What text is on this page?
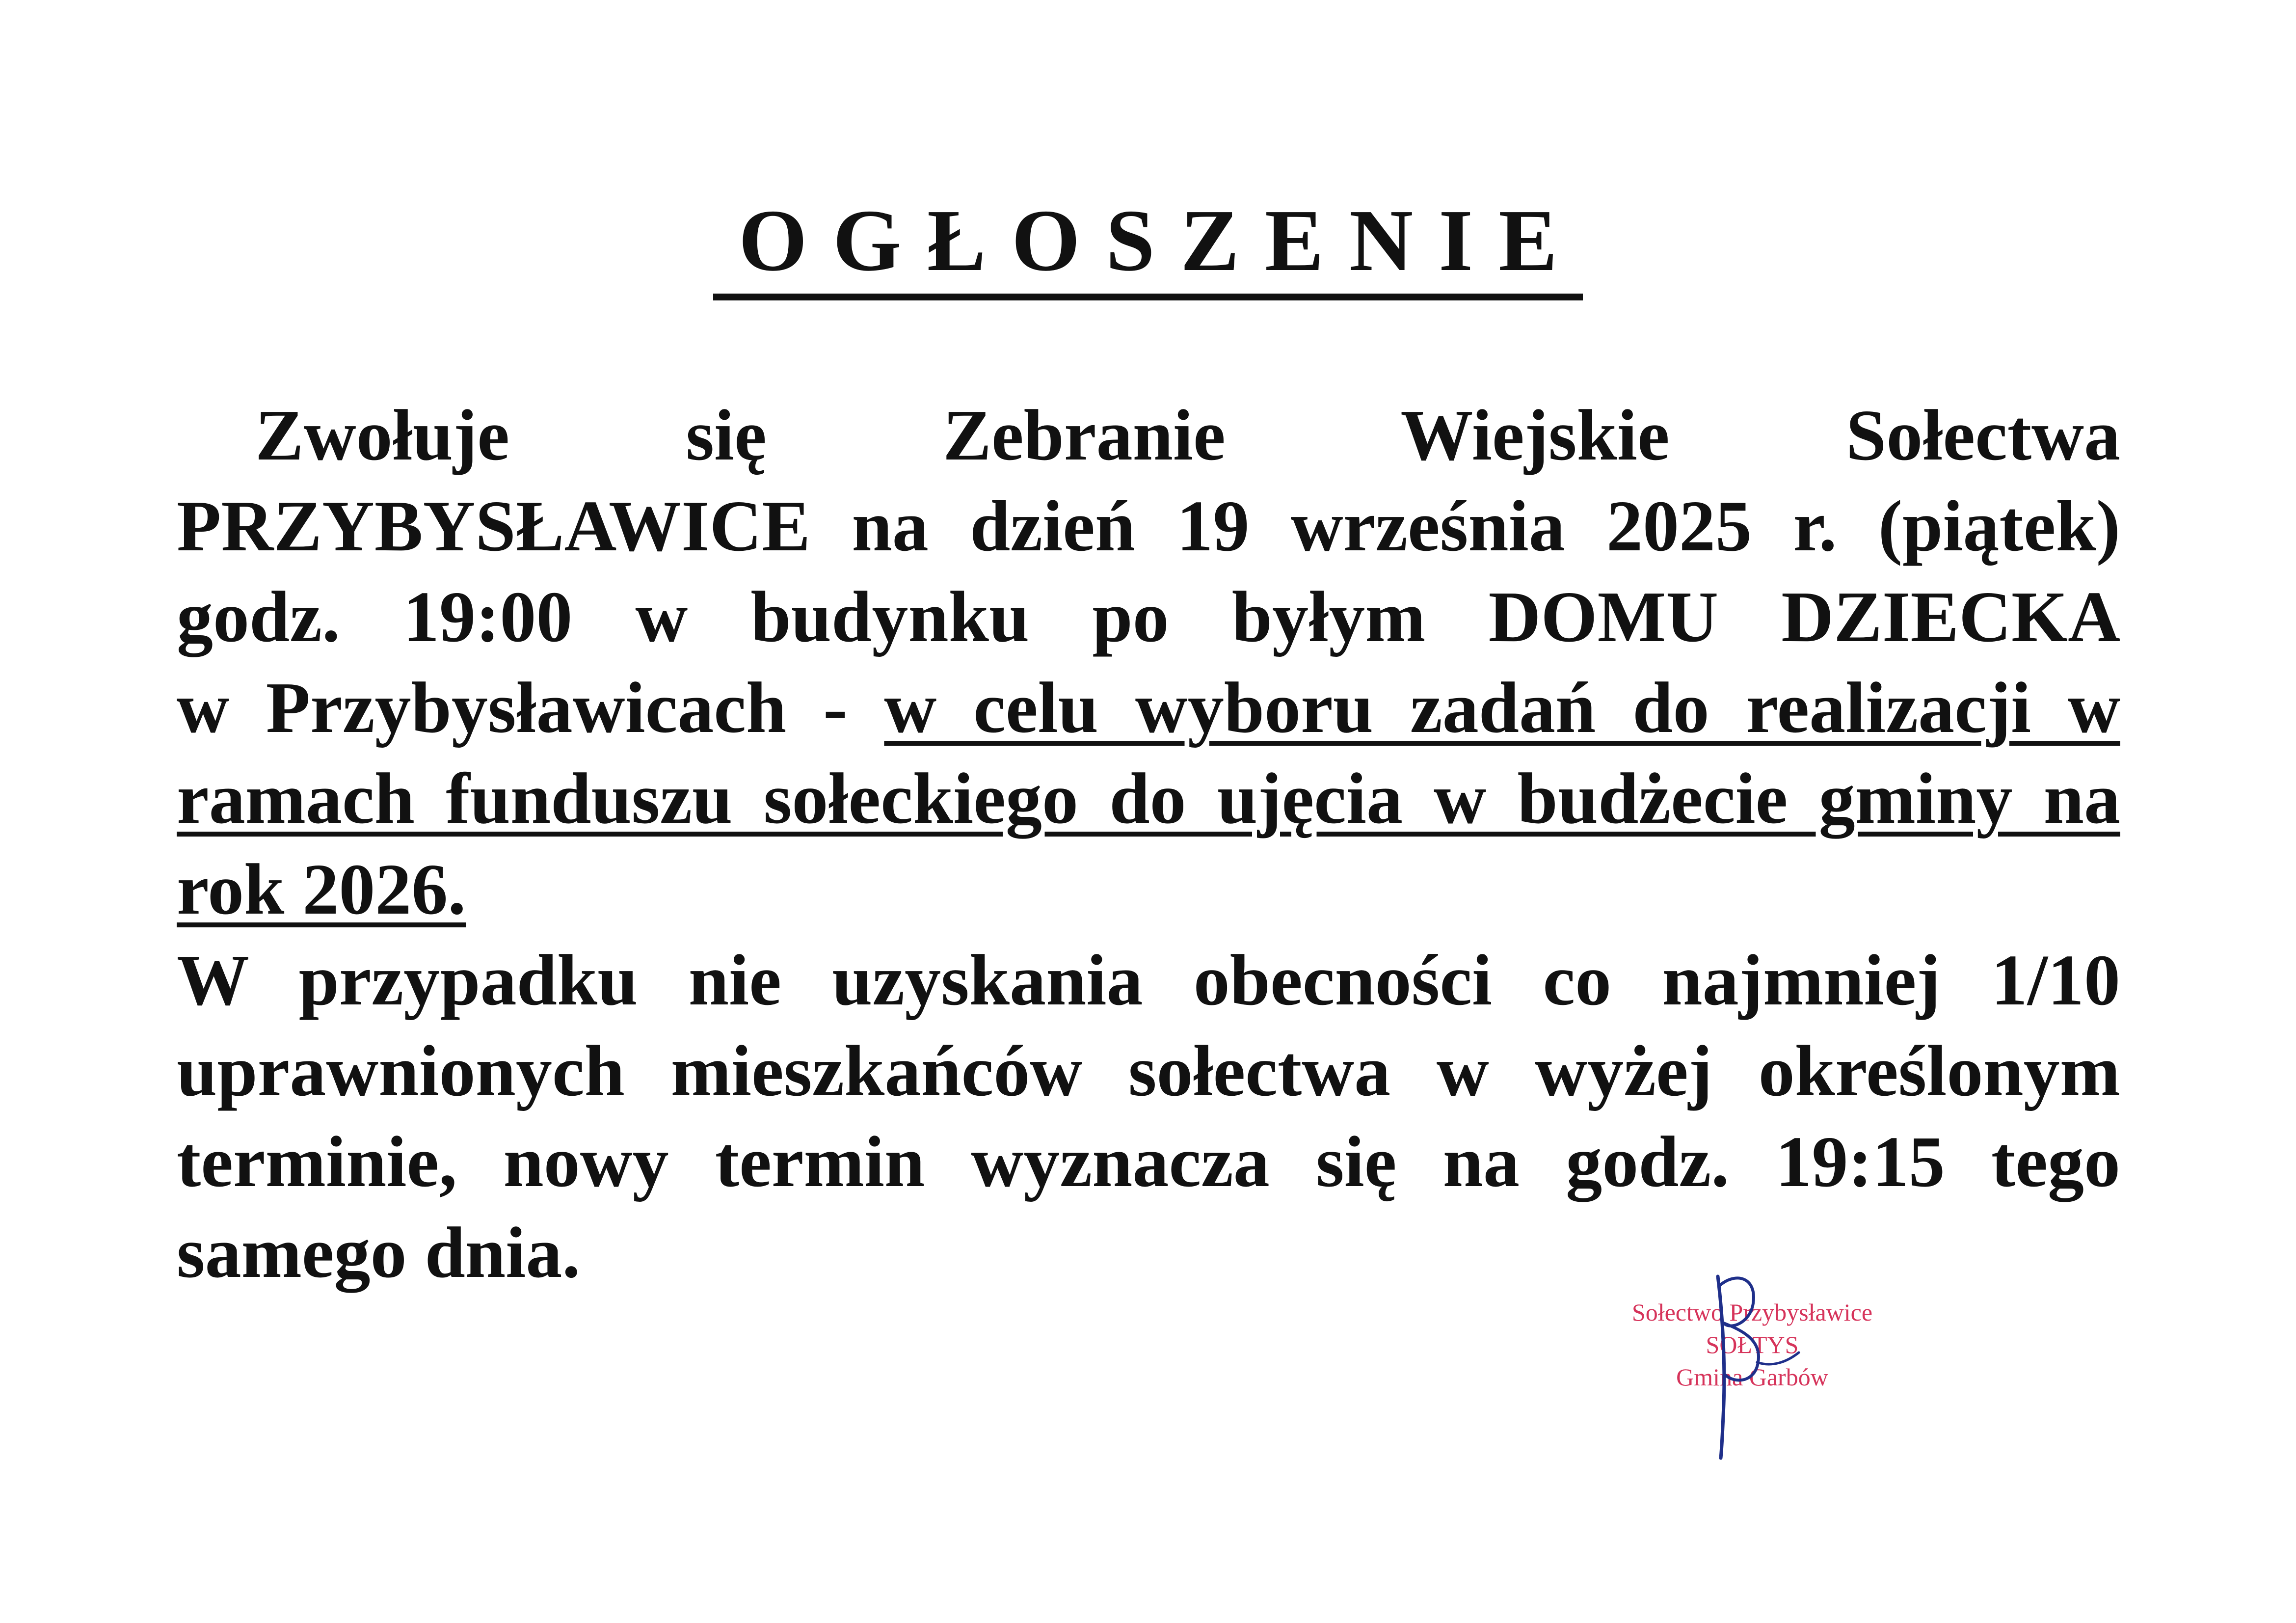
OGŁOSZENIE

Zwołuje się Zebranie Wiejskie Sołectwa
PRZYBYSŁAWICE na dzień 19 września 2025 r. (piątek)
godz. 19:00 w budynku po byłym DOMU DZIECKA
w Przybysławicach - w celu wyboru zadań do realizacji w
ramach funduszu sołeckiego do ujęcia w budżecie gminy na
rok 2026.

W przypadku nie uzyskania obecności co najmniej 1/10
uprawnionych mieszkańców sołectwa w wyżej określonym
terminie, nowy termin wyznacza się na godz. 19:15 tego
samego dnia.

Sołectwo Przybysławice
SOŁTYS
Gmina Garbów
